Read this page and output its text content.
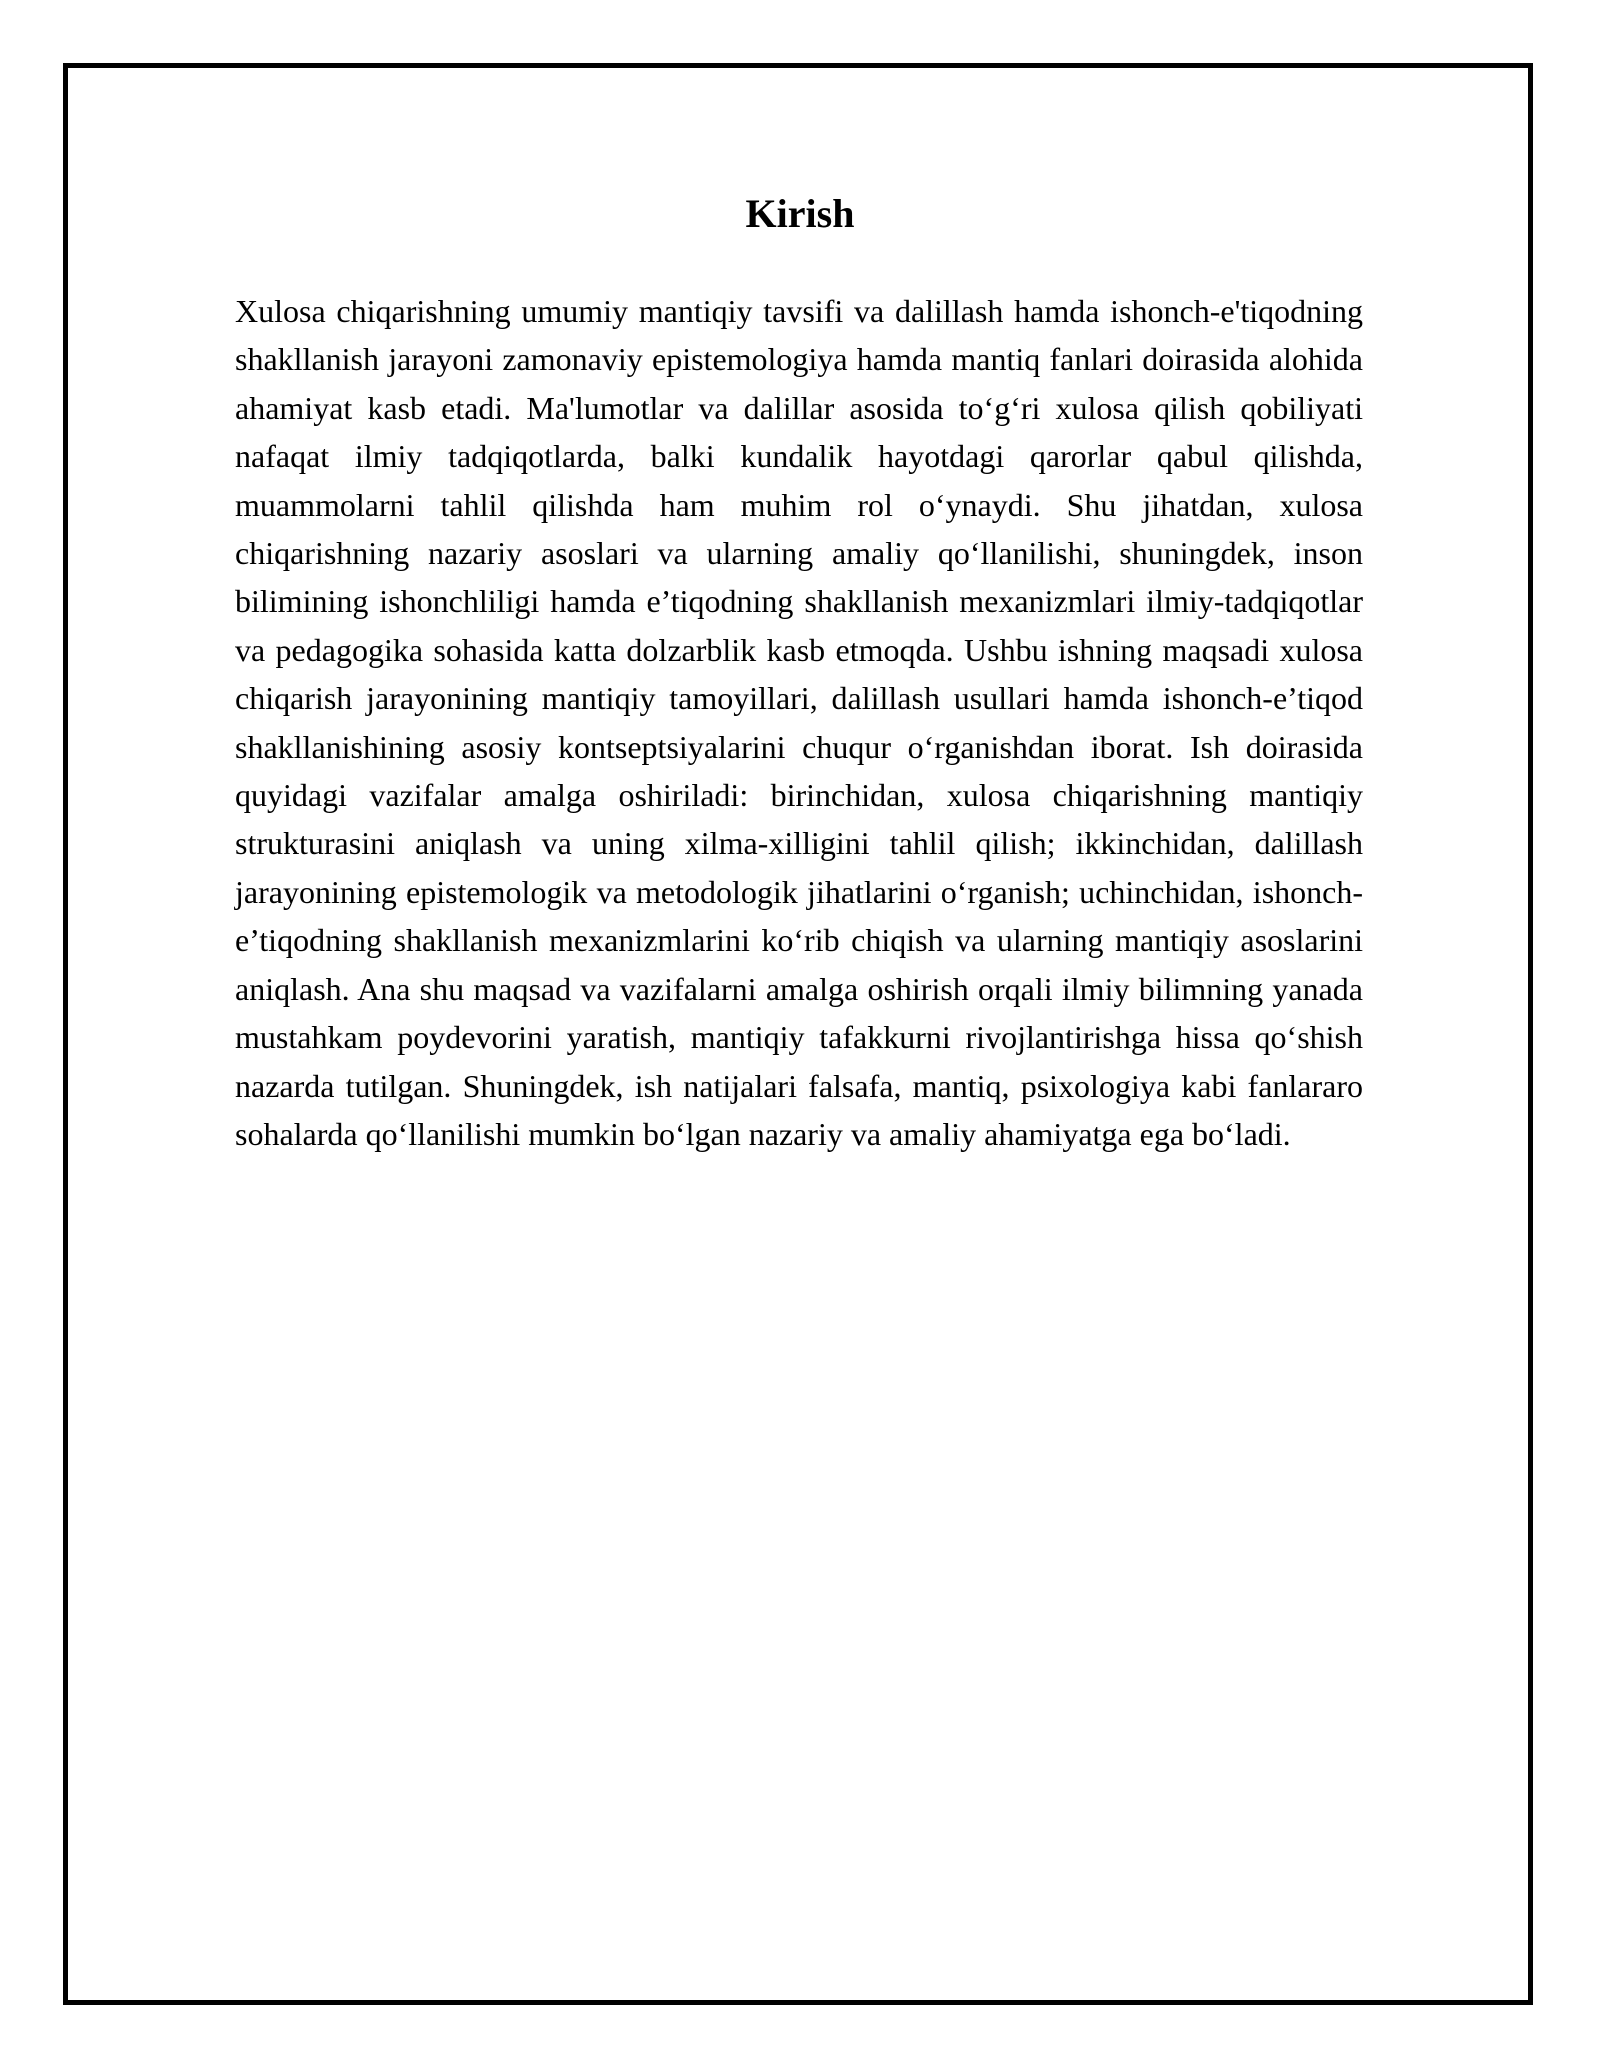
Kirish

Xulosa chiqarishning umumiy mantiqiy tavsifi va dalillash hamda ishonch-e'tiqodning shakllanish jarayoni zamonaviy epistemologiya hamda mantiq fanlari doirasida alohida ahamiyat kasb etadi. Ma'lumotlar va dalillar asosida to‘g‘ri xulosa qilish qobiliyati nafaqat ilmiy tadqiqotlarda, balki kundalik hayotdagi qarorlar qabul qilishda, muammolarni tahlil qilishda ham muhim rol o‘ynaydi. Shu jihatdan, xulosa chiqarishning nazariy asoslari va ularning amaliy qo‘llanilishi, shuningdek, inson bilimining ishonchliligi hamda e’tiqodning shakllanish mexanizmlari ilmiy-tadqiqotlar va pedagogika sohasida katta dolzarblik kasb etmoqda. Ushbu ishning maqsadi xulosa chiqarish jarayonining mantiqiy tamoyillari, dalillash usullari hamda ishonch-e’tiqod shakllanishining asosiy kontseptsiyalarini chuqur o‘rganishdan iborat. Ish doirasida quyidagi vazifalar amalga oshiriladi: birinchidan, xulosa chiqarishning mantiqiy strukturasini aniqlash va uning xilma-xilligini tahlil qilish; ikkinchidan, dalillash jarayonining epistemologik va metodologik jihatlarini o‘rganish; uchinchidan, ishonch-e’tiqodning shakllanish mexanizmlarini ko‘rib chiqish va ularning mantiqiy asoslarini aniqlash. Ana shu maqsad va vazifalarni amalga oshirish orqali ilmiy bilimning yanada mustahkam poydevorini yaratish, mantiqiy tafakkurni rivojlantirishga hissa qo‘shish nazarda tutilgan. Shuningdek, ish natijalari falsafa, mantiq, psixologiya kabi fanlararo sohalarda qo‘llanilishi mumkin bo‘lgan nazariy va amaliy ahamiyatga ega bo‘ladi.
